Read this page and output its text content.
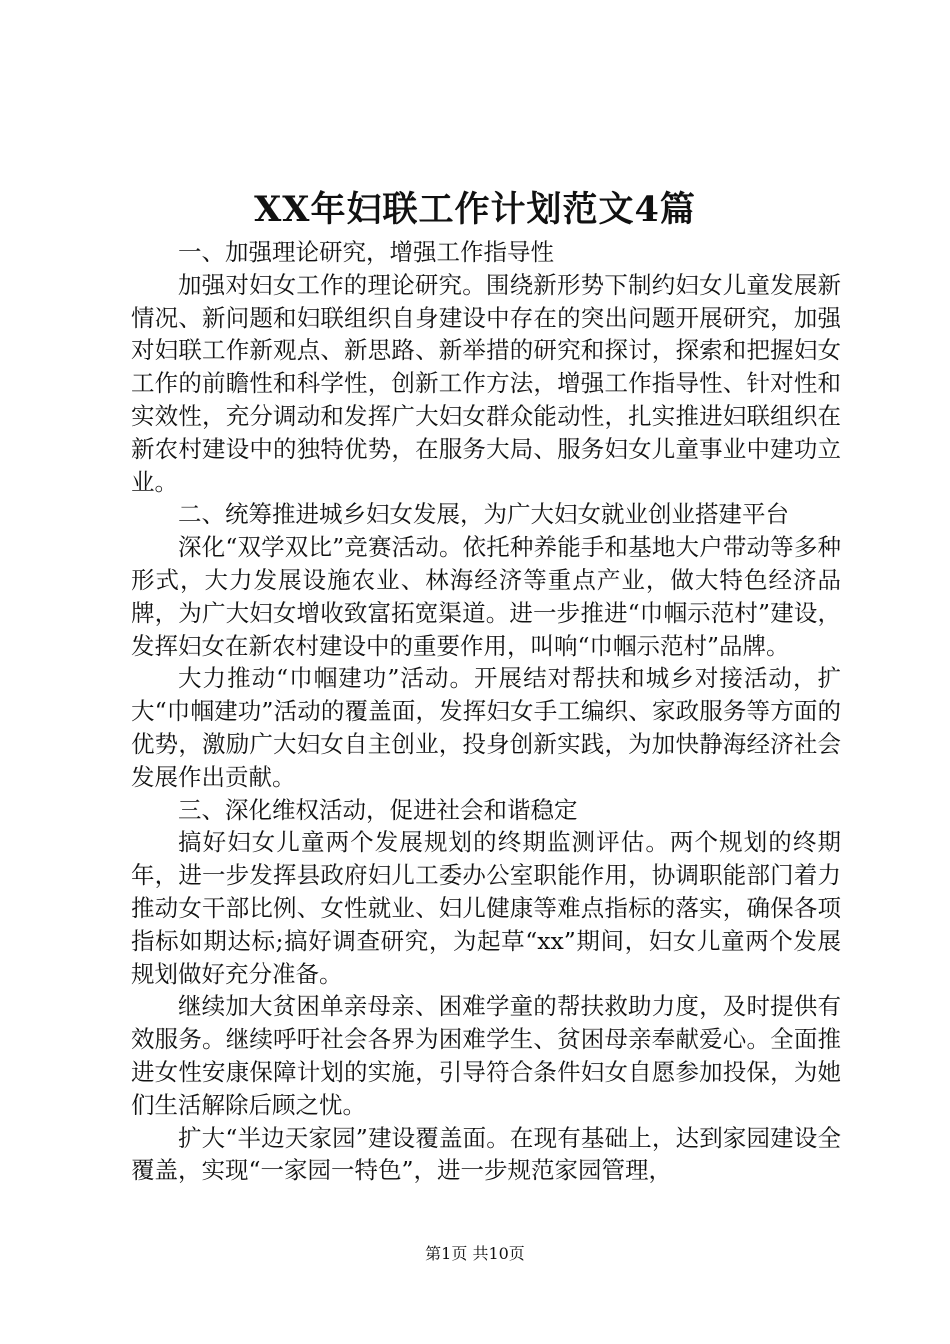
XX年妇联工作计划范文4篇

一、加强理论研究，增强工作指导性

加强对妇女工作的理论研究。围绕新形势下制约妇女儿童发展新情况、新问题和妇联组织自身建设中存在的突出问题开展研究，加强对妇联工作新观点、新思路、新举措的研究和探讨，探索和把握妇女工作的前瞻性和科学性，创新工作方法，增强工作指导性、针对性和实效性，充分调动和发挥广大妇女群众能动性，扎实推进妇联组织在新农村建设中的独特优势，在服务大局、服务妇女儿童事业中建功立业。

二、统筹推进城乡妇女发展，为广大妇女就业创业搭建平台

深化“双学双比”竞赛活动。依托种养能手和基地大户带动等多种形式，大力发展设施农业、林海经济等重点产业，做大特色经济品牌，为广大妇女增收致富拓宽渠道。进一步推进“巾帼示范村”建设，发挥妇女在新农村建设中的重要作用，叫响“巾帼示范村”品牌。

大力推动“巾帼建功”活动。开展结对帮扶和城乡对接活动，扩大“巾帼建功”活动的覆盖面，发挥妇女手工编织、家政服务等方面的优势，激励广大妇女自主创业，投身创新实践，为加快静海经济社会发展作出贡献。

三、深化维权活动，促进社会和谐稳定

搞好妇女儿童两个发展规划的终期监测评估。两个规划的终期年，进一步发挥县政府妇儿工委办公室职能作用，协调职能部门着力推动女干部比例、女性就业、妇儿健康等难点指标的落实，确保各项指标如期达标;搞好调查研究，为起草“xx”期间，妇女儿童两个发展规划做好充分准备。

继续加大贫困单亲母亲、困难学童的帮扶救助力度，及时提供有效服务。继续呼吁社会各界为困难学生、贫困母亲奉献爱心。全面推进女性安康保障计划的实施，引导符合条件妇女自愿参加投保，为她们生活解除后顾之忧。

扩大“半边天家园”建设覆盖面。在现有基础上，达到家园建设全覆盖，实现“一家园一特色”，进一步规范家园管理，

第1页 共10页
